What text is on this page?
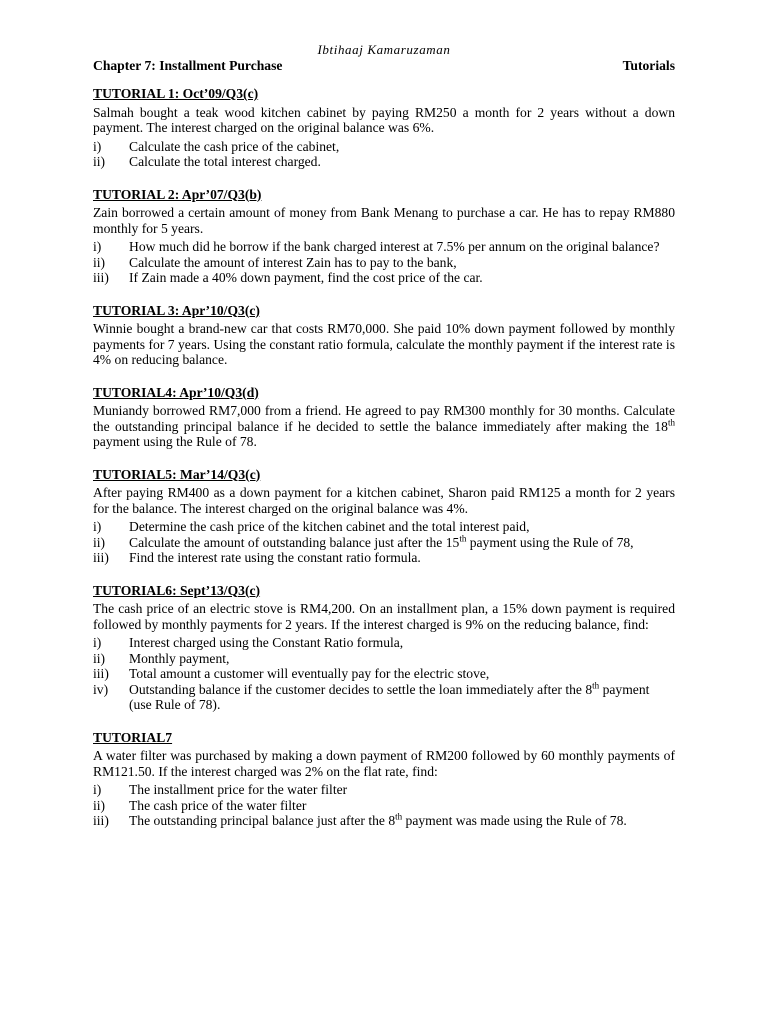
Ibtihaaj Kamaruzaman
Chapter 7: Installment Purchase	Tutorials
TUTORIAL 1: Oct’09/Q3(c)

Salmah bought a teak wood kitchen cabinet by paying RM250 a month for 2 years without a down payment. The interest charged on the original balance was 6%.

i)	Calculate the cash price of the cabinet,
ii)	Calculate the total interest charged.
TUTORIAL 2: Apr’07/Q3(b)

Zain borrowed a certain amount of money from Bank Menang to purchase a car. He has to repay RM880 monthly for 5 years.

i)	How much did he borrow if the bank charged interest at 7.5% per annum on the original balance?
ii)	Calculate the amount of interest Zain has to pay to the bank,
iii)	If Zain made a 40% down payment, find the cost price of the car.
TUTORIAL 3: Apr’10/Q3(c)

Winnie bought a brand-new car that costs RM70,000. She paid 10% down payment followed by monthly payments for 7 years. Using the constant ratio formula, calculate the monthly payment if the interest rate is 4% on reducing balance.

TUTORIAL4: Apr’10/Q3(d)

Muniandy borrowed RM7,000 from a friend. He agreed to pay RM300 monthly for 30 months. Calculate the outstanding principal balance if he decided to settle the balance immediately after making the 18th payment using the Rule of 78.

TUTORIAL5: Mar’14/Q3(c)

After paying RM400 as a down payment for a kitchen cabinet, Sharon paid RM125 a month for 2 years for the balance. The interest charged on the original balance was 4%.

i)	Determine the cash price of the kitchen cabinet and the total interest paid,
ii)	Calculate the amount of outstanding balance just after the 15th payment using the Rule of 78,
iii)	Find the interest rate using the constant ratio formula.
TUTORIAL6: Sept’13/Q3(c)

The cash price of an electric stove is RM4,200. On an installment plan, a 15% down payment is required followed by monthly payments for 2 years. If the interest charged is 9% on the reducing balance, find:

i)	Interest charged using the Constant Ratio formula,
ii)	Monthly payment,
iii)	Total amount a customer will eventually pay for the electric stove,
iv)	Outstanding balance if the customer decides to settle the loan immediately after the 8th payment (use Rule of 78).
TUTORIAL7

A water filter was purchased by making a down payment of RM200 followed by 60 monthly payments of RM121.50. If the interest charged was 2% on the flat rate, find:

i)	The installment price for the water filter
ii)	The cash price of the water filter
iii)	The outstanding principal balance just after the 8th payment was made using the Rule of 78.
